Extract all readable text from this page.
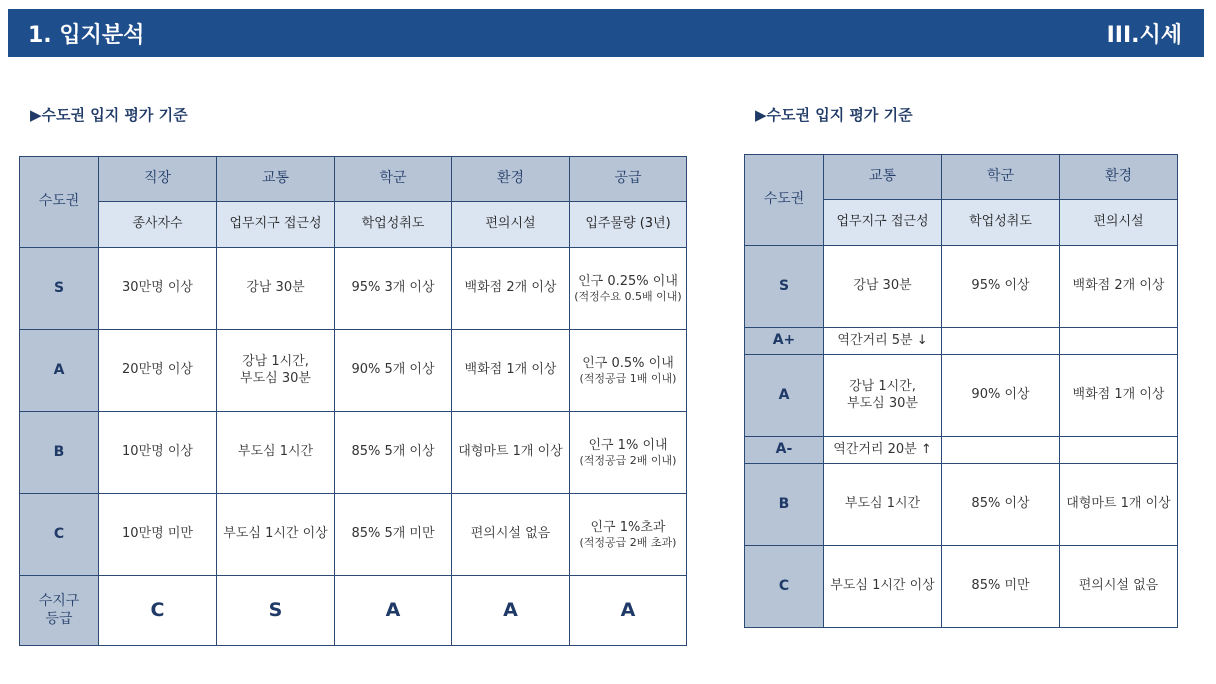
1. 입지분석	III.시세
▶수도권 입지 평가 기준	▶수도권 입지 평가 기준
수도권	직장	교통	학군	환경	공급
	종사자수	업무지구 접근성	학업성취도	편의시설	입주물량 (3년)
S	30만명 이상	강남 30분	95% 3개 이상	백화점 2개 이상	인구 0.25% 이내
(적정수요 0.5배 이내)

A	20만명 이상	강남 1시간,
부도심 30분	90% 5개 이상	백화점 1개 이상	인구 0.5% 이내
(적정공급 1배 이내)

B	10만명 이상	부도심 1시간	85% 5개 이상	대형마트 1개 이상	인구 1% 이내
(적정공급 2배 이내)

C	10만명 미만	부도심 1시간 이상	85% 5개 미만	편의시설 없음	인구 1%초과
(적정공급 2배 초과)

수지구
등급	C	S	A	A	A
수도권	교통	학군	환경
	업무지구 접근성	학업성취도	편의시설
S	강남 30분	95% 이상	백화점 2개 이상
A+	역간거리 5분 ↓		
A	강남 1시간,
부도심 30분	90% 이상	백화점 1개 이상
A-	역간거리 20분 ↑		
B	부도심 1시간	85% 이상	대형마트 1개 이상
C	부도심 1시간 이상	85% 미만	편의시설 없음
